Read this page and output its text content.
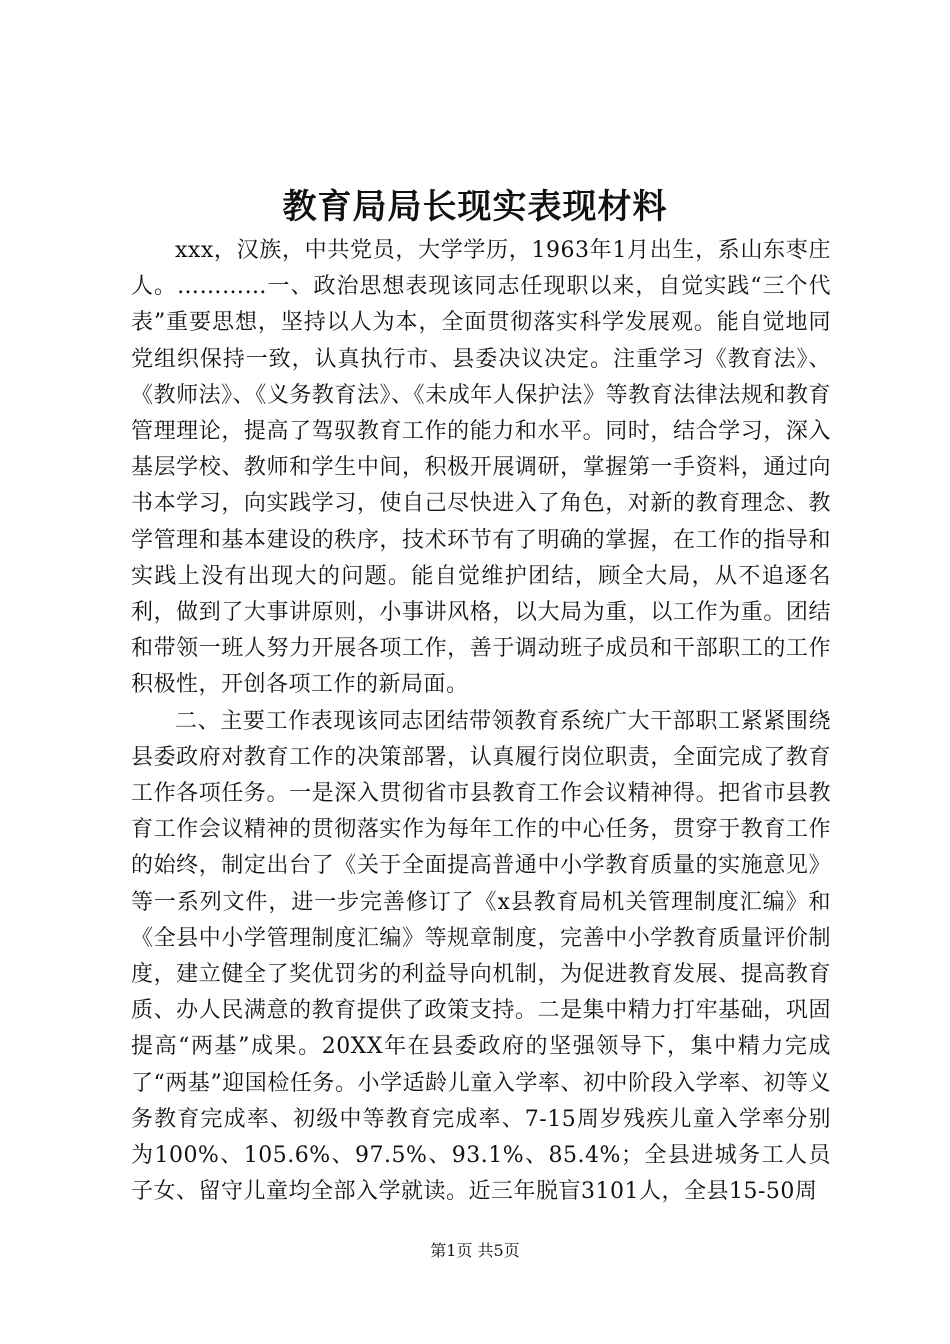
教育局局长现实表现材料

xxx，汉族，中共党员，大学学历，1963年1月出生，系山东枣庄人。…………一、政治思想表现该同志任现职以来，自觉实践“三个代表”重要思想，坚持以人为本，全面贯彻落实科学发展观。能自觉地同党组织保持一致，认真执行市、县委决议决定。注重学习《教育法》、《教师法》、《义务教育法》、《未成年人保护法》等教育法律法规和教育管理理论，提高了驾驭教育工作的能力和水平。同时，结合学习，深入基层学校、教师和学生中间，积极开展调研，掌握第一手资料，通过向书本学习，向实践学习，使自己尽快进入了角色，对新的教育理念、教学管理和基本建设的秩序，技术环节有了明确的掌握，在工作的指导和实践上没有出现大的问题。能自觉维护团结，顾全大局，从不追逐名利，做到了大事讲原则，小事讲风格，以大局为重，以工作为重。团结和带领一班人努力开展各项工作，善于调动班子成员和干部职工的工作积极性，开创各项工作的新局面。

二、主要工作表现该同志团结带领教育系统广大干部职工紧紧围绕县委政府对教育工作的决策部署，认真履行岗位职责，全面完成了教育工作各项任务。一是深入贯彻省市县教育工作会议精神得。把省市县教育工作会议精神的贯彻落实作为每年工作的中心任务，贯穿于教育工作的始终，制定出台了《关于全面提高普通中小学教育质量的实施意见》等一系列文件，进一步完善修订了《x县教育局机关管理制度汇编》和《全县中小学管理制度汇编》等规章制度，完善中小学教育质量评价制度，建立健全了奖优罚劣的利益导向机制，为促进教育发展、提高教育质、办人民满意的教育提供了政策支持。二是集中精力打牢基础，巩固提高“两基”成果。20XX年在县委政府的坚强领导下，集中精力完成了“两基”迎国检任务。小学适龄儿童入学率、初中阶段入学率、初等义务教育完成率、初级中等教育完成率、7-15周岁残疾儿童入学率分别为100%、105.6%、97.5%、93.1%、85.4%；全县进城务工人员子女、留守儿童均全部入学就读。近三年脱盲3101人，全县15-50周

第1页 共5页
